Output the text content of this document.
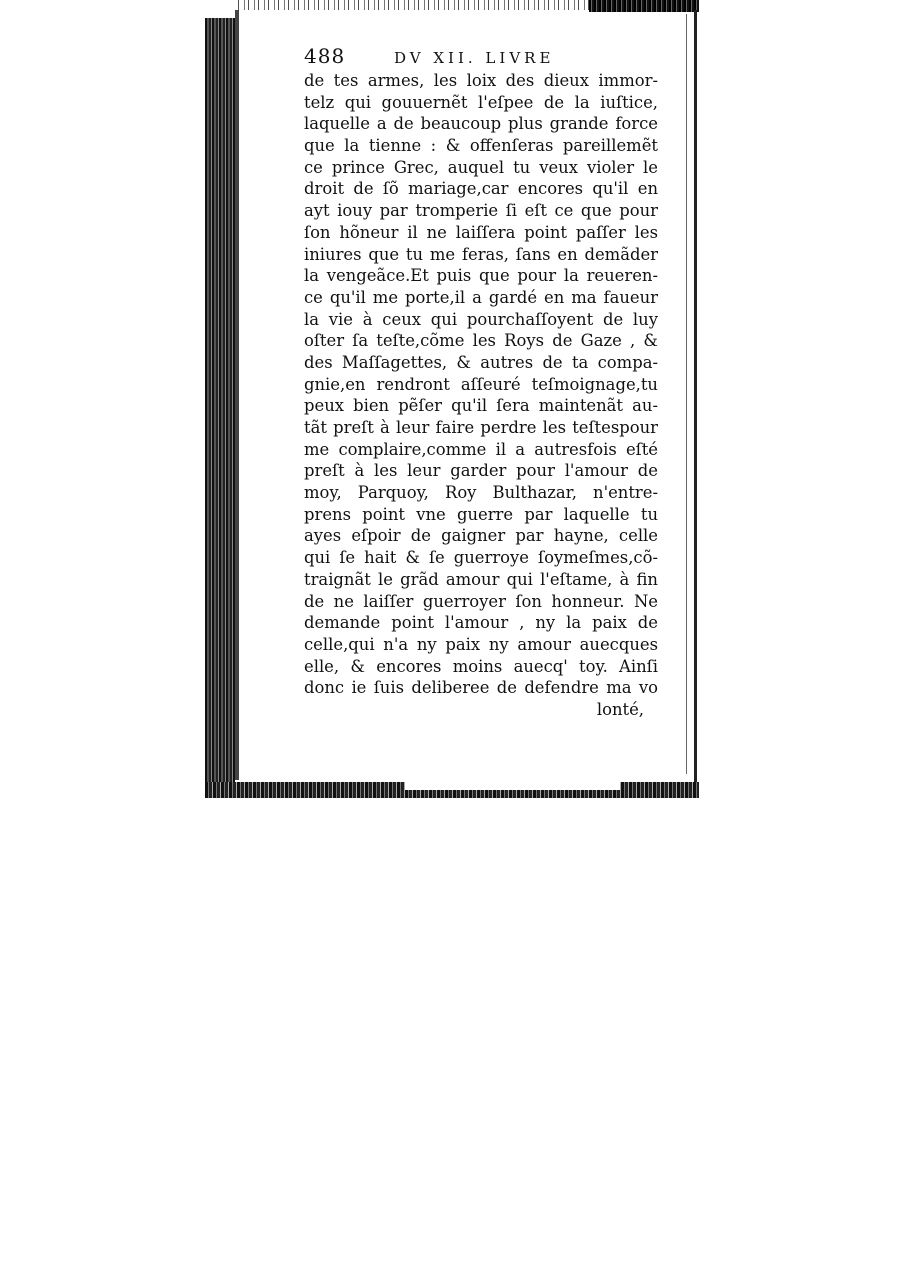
488	DV XII. LIVRE
de tes armes, les loix des dieux immor-
telz qui gouuernẽt l'eſpee de la iuſtice,
laquelle a de beaucoup plus grande force
que la tienne : & offenſeras pareillemẽt
ce prince Grec, auquel tu veux violer le
droit de ſõ mariage,car encores qu'il en
ayt iouy par tromperie ſi eſt ce que pour
ſon hõneur il ne laiſſera point paſſer les
iniures que tu me feras, ſans en demãder
la vengeãce.Et puis que pour la reueren-
ce qu'il me porte,il a gardé en ma faueur
la vie à ceux qui pourchaſſoyent de luy
oſter ſa teſte,cõme les Roys de Gaze , &
des Maſſagettes, & autres de ta compa-
gnie,en rendront aſſeuré teſmoignage,tu
peux bien pẽſer qu'il ſera maintenãt au-
tãt preſt à leur faire perdre les teſtespour
me complaire,comme il a autresfois eſté
preſt à les leur garder pour l'amour de
moy, Parquoy, Roy Bulthazar, n'entre-
prens point vne guerre par laquelle tu
ayes eſpoir de gaigner par hayne, celle
qui ſe hait & ſe guerroye ſoymeſmes,cõ-
traignãt le grãd amour qui l'eſtame, à fin
de ne laiſſer guerroyer ſon honneur. Ne
demande point l'amour , ny la paix de
celle,qui n'a ny paix ny amour auecques
elle, & encores moins auecq' toy. Ainſi
donc ie ſuis deliberee de defendre ma vo
lonté,
